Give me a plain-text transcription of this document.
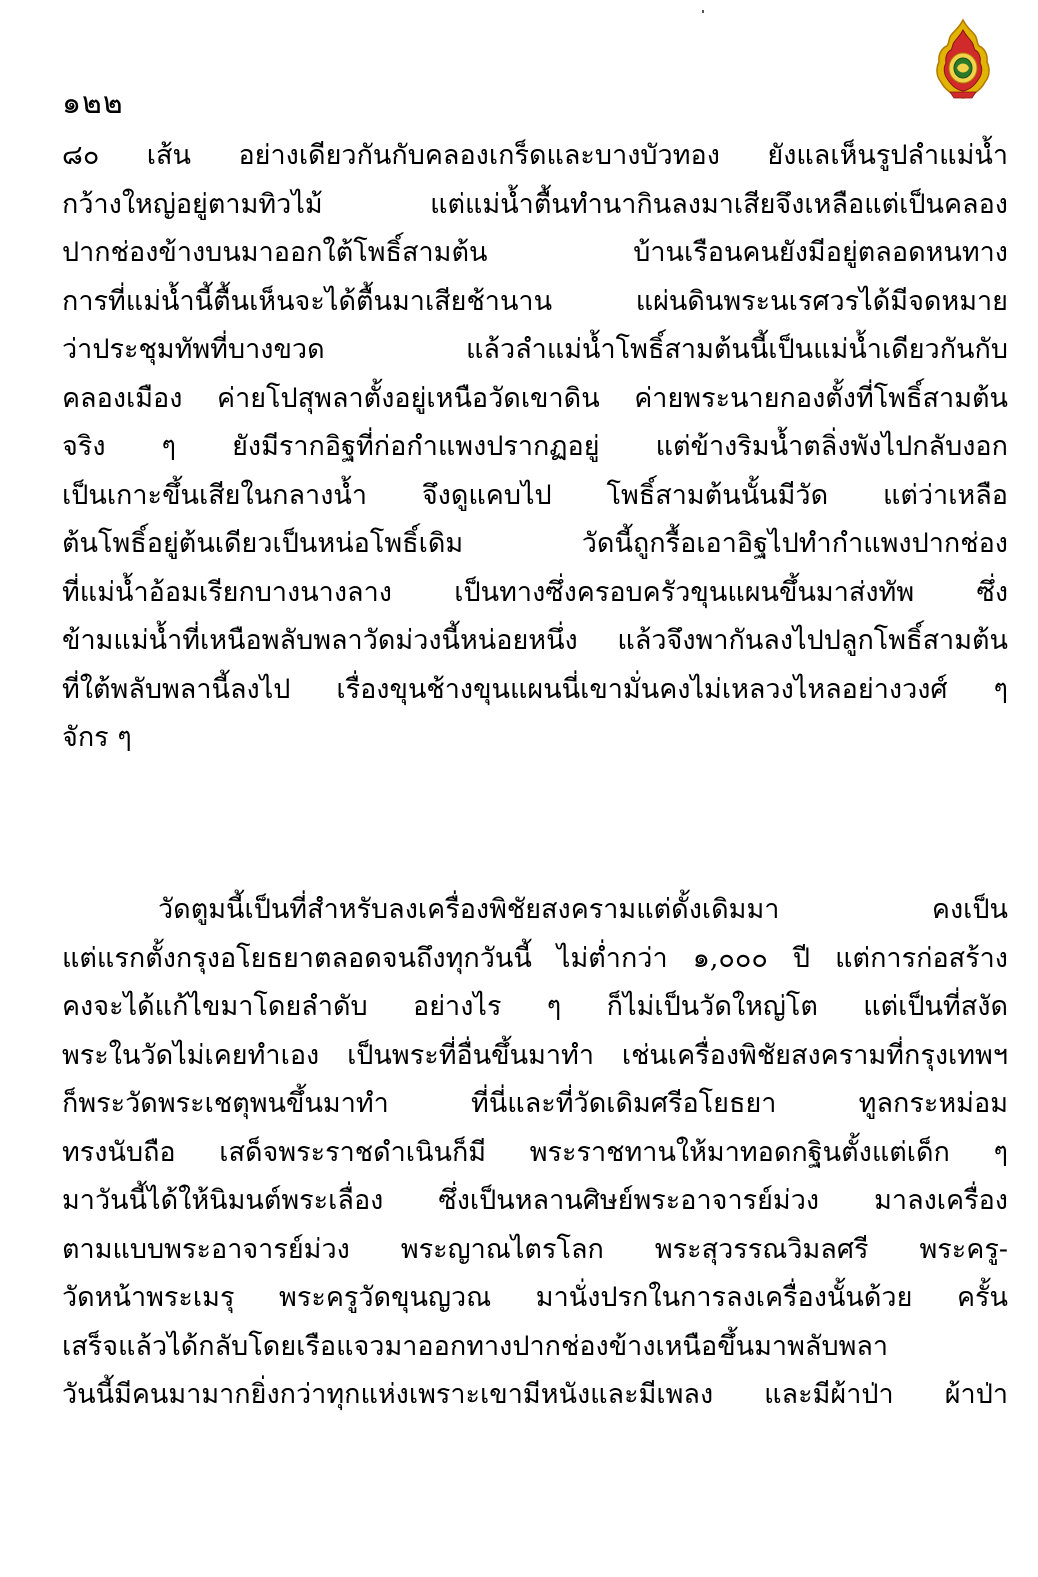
๑๒๒
๘๐ เส้น อย่างเดียวกันกับคลองเกร็ดและบางบัวทอง ยังแลเห็นรูปลำแม่น้ำ
กว้างใหญ่อยู่ตามทิวไม้ แต่แม่น้ำตื้นทำนากินลงมาเสียจึงเหลือแต่เป็นคลอง
ปากช่องข้างบนมาออกใต้โพธิ์สามต้น บ้านเรือนคนยังมีอยู่ตลอดหนทาง
การที่แม่น้ำนี้ตื้นเห็นจะได้ตื้นมาเสียช้านาน แผ่นดินพระนเรศวรได้มีจดหมาย
ว่าประชุมทัพที่บางขวด แล้วลำแม่น้ำโพธิ์สามต้นนี้เป็นแม่น้ำเดียวกันกับ
คลองเมือง ค่ายโปสุพลาตั้งอยู่เหนือวัดเขาดิน ค่ายพระนายกองตั้งที่โพธิ์สามต้น
จริง ๆ ยังมีรากอิฐที่ก่อกำแพงปรากฏอยู่ แต่ข้างริมน้ำตลิ่งพังไปกลับงอก
เป็นเกาะขึ้นเสียในกลางน้ำ จึงดูแคบไป โพธิ์สามต้นนั้นมีวัด แต่ว่าเหลือ
ต้นโพธิ์อยู่ต้นเดียวเป็นหน่อโพธิ์เดิม วัดนี้ถูกรื้อเอาอิฐไปทำกำแพงปากช่อง
ที่แม่น้ำอ้อมเรียกบางนางลาง เป็นทางซึ่งครอบครัวขุนแผนขึ้นมาส่งทัพ ซึ่ง
ข้ามแม่น้ำที่เหนือพลับพลาวัดม่วงนี้หน่อยหนึ่ง แล้วจึงพากันลงไปปลูกโพธิ์สามต้น
ที่ใต้พลับพลานี้ลงไป เรื่องขุนช้างขุนแผนนี่เขามั่นคงไม่เหลวงไหลอย่างวงศ์ ๆ
จักร ๆ
วัดตูมนี้เป็นที่สำหรับลงเครื่องพิชัยสงครามแต่ดั้งเดิมมา คงเป็น
แต่แรกตั้งกรุงอโยธยาตลอดจนถึงทุกวันนี้ ไม่ต่ำกว่า ๑,๐๐๐ ปี แต่การก่อสร้าง
คงจะได้แก้ไขมาโดยลำดับ อย่างไร ๆ ก็ไม่เป็นวัดใหญ่โต แต่เป็นที่สงัด
พระในวัดไม่เคยทำเอง เป็นพระที่อื่นขึ้นมาทำ เช่นเครื่องพิชัยสงครามที่กรุงเทพฯ
ก็พระวัดพระเชตุพนขึ้นมาทำ ที่นี่และที่วัดเดิมศรีอโยธยา ทูลกระหม่อม
ทรงนับถือ เสด็จพระราชดำเนินก็มี พระราชทานให้มาทอดกฐินตั้งแต่เด็ก ๆ
มาวันนี้ได้ให้นิมนต์พระเลื่อง ซึ่งเป็นหลานศิษย์พระอาจารย์ม่วง มาลงเครื่อง
ตามแบบพระอาจารย์ม่วง พระญาณไตรโลก พระสุวรรณวิมลศรี พระครู-
วัดหน้าพระเมรุ พระครูวัดขุนญวณ มานั่งปรกในการลงเครื่องนั้นด้วย ครั้น
เสร็จแล้วได้กลับโดยเรือแจวมาออกทางปากช่องข้างเหนือขึ้นมาพลับพลา
วันนี้มีคนมามากยิ่งกว่าทุกแห่งเพราะเขามีหนังและมีเพลง และมีผ้าป่า ผ้าป่า
